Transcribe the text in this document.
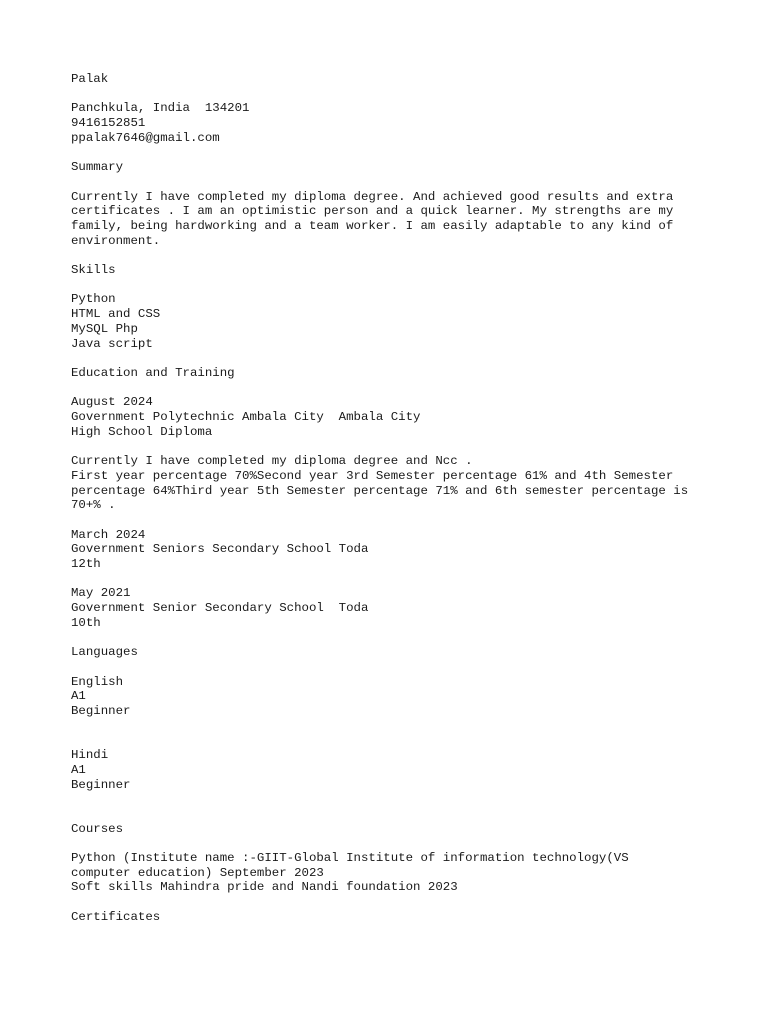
Palak
Panchkula, India  134201
9416152851
ppalak7646@gmail.com
Summary
Currently I have completed my diploma degree. And achieved good results and extra
certificates . I am an optimistic person and a quick learner. My strengths are my
family, being hardworking and a team worker. I am easily adaptable to any kind of
environment.
Skills
Python
HTML and CSS
MySQL Php
Java script
Education and Training
August 2024
Government Polytechnic Ambala City  Ambala City
High School Diploma
Currently I have completed my diploma degree and Ncc .
First year percentage 70%Second year 3rd Semester percentage 61% and 4th Semester
percentage 64%Third year 5th Semester percentage 71% and 6th semester percentage is
70+% .
March 2024
Government Seniors Secondary School Toda
12th
May 2021
Government Senior Secondary School  Toda
10th
Languages
English
A1
Beginner
Hindi
A1
Beginner
Courses
Python (Institute name :-GIIT-Global Institute of information technology(VS
computer education) September 2023
Soft skills Mahindra pride and Nandi foundation 2023
Certificates
